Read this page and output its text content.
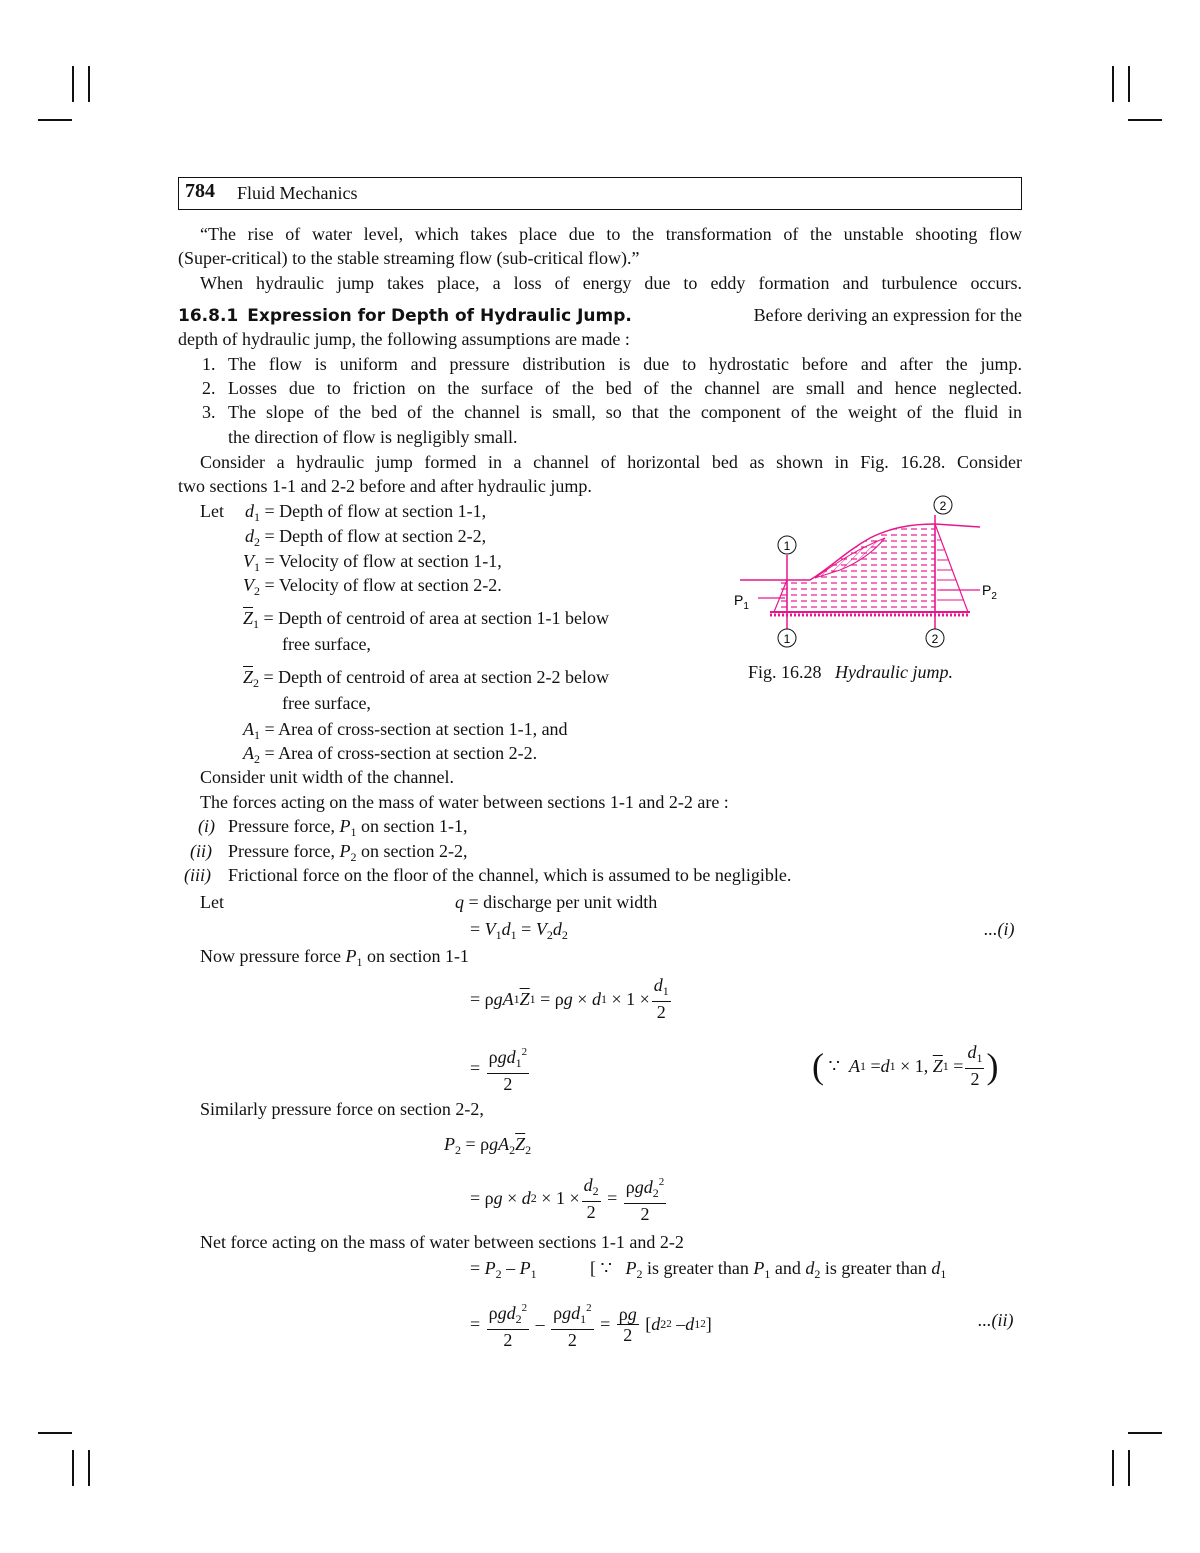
784 Fluid Mechanics
“The rise of water level, which takes place due to the transformation of the unstable shooting flow
(Super-critical) to the stable streaming flow (sub-critical flow).”
When hydraulic jump takes place, a loss of energy due to eddy formation and turbulence occurs.
16.8.1 Expression for Depth of Hydraulic Jump.	Before deriving an expression for the
depth of hydraulic jump, the following assumptions are made :
1. The flow is uniform and pressure distribution is due to hydrostatic before and after the jump.
2. Losses due to friction on the surface of the bed of the channel are small and hence neglected.
3. The slope of the bed of the channel is small, so that the component of the weight of the fluid in
the direction of flow is negligibly small.
Consider a hydraulic jump formed in a channel of horizontal bed as shown in Fig. 16.28. Consider
two sections 1-1 and 2-2 before and after hydraulic jump.
Let $d_1$ = Depth of flow at section 1-1,
$d_2$ = Depth of flow at section 2-2,
$V_1$ = Velocity of flow at section 1-1,
$V_2$ = Velocity of flow at section 2-2.
$\overline{Z}_1$ = Depth of centroid of area at section 1-1 below
free surface,
$\overline{Z}_2$ = Depth of centroid of area at section 2-2 below
free surface,
$A_1$ = Area of cross-section at section 1-1, and
$A_2$ = Area of cross-section at section 2-2.
1
1
2
2
$P_1$
$P_2$
Fig. 16.28 Hydraulic jump.
Consider unit width of the channel.
The forces acting on the mass of water between sections 1-1 and 2-2 are :
(i) Pressure force, $P_1$ on section 1-1,
(ii) Pressure force, $P_2$ on section 2-2,
(iii) Frictional force on the floor of the channel, which is assumed to be negligible.
Let	q = discharge per unit width
= $V_1d_1 = V_2d_2$	...(i)
Now pressure force $P_1$ on section 1-1
= ρ gA 1 $\overline{Z}$ 1 = ρ g × d $1 \times 1 \times \frac{d_1}{2}$
= $\frac{\rho gd_1^2}{2}$	( ∵ A 1 = d 1 × 1, $\overline{Z}$ $1 = \frac{d_1}{2}$ )
Similarly pressure force on section 2-2,
$P_2 = \rho gA_2\overline{Z}_2$
= ρ g × d $2 \times 1 \times \frac{d_2}{2} = \frac{\rho gd_2^2}{2}$
Net force acting on the mass of water between sections 1-1 and 2-2
= $P_2 - P_1$	[ ∵   $P_2$ is greater than $P_1$ and $d_2$ is greater than $d_1$
= $\frac{\rho gd_2^2}{2} - \frac{\rho gd_1^2}{2} = \frac{\rho g}{2}$ [ d 2 2 – d 1 2 ]	...(ii)
